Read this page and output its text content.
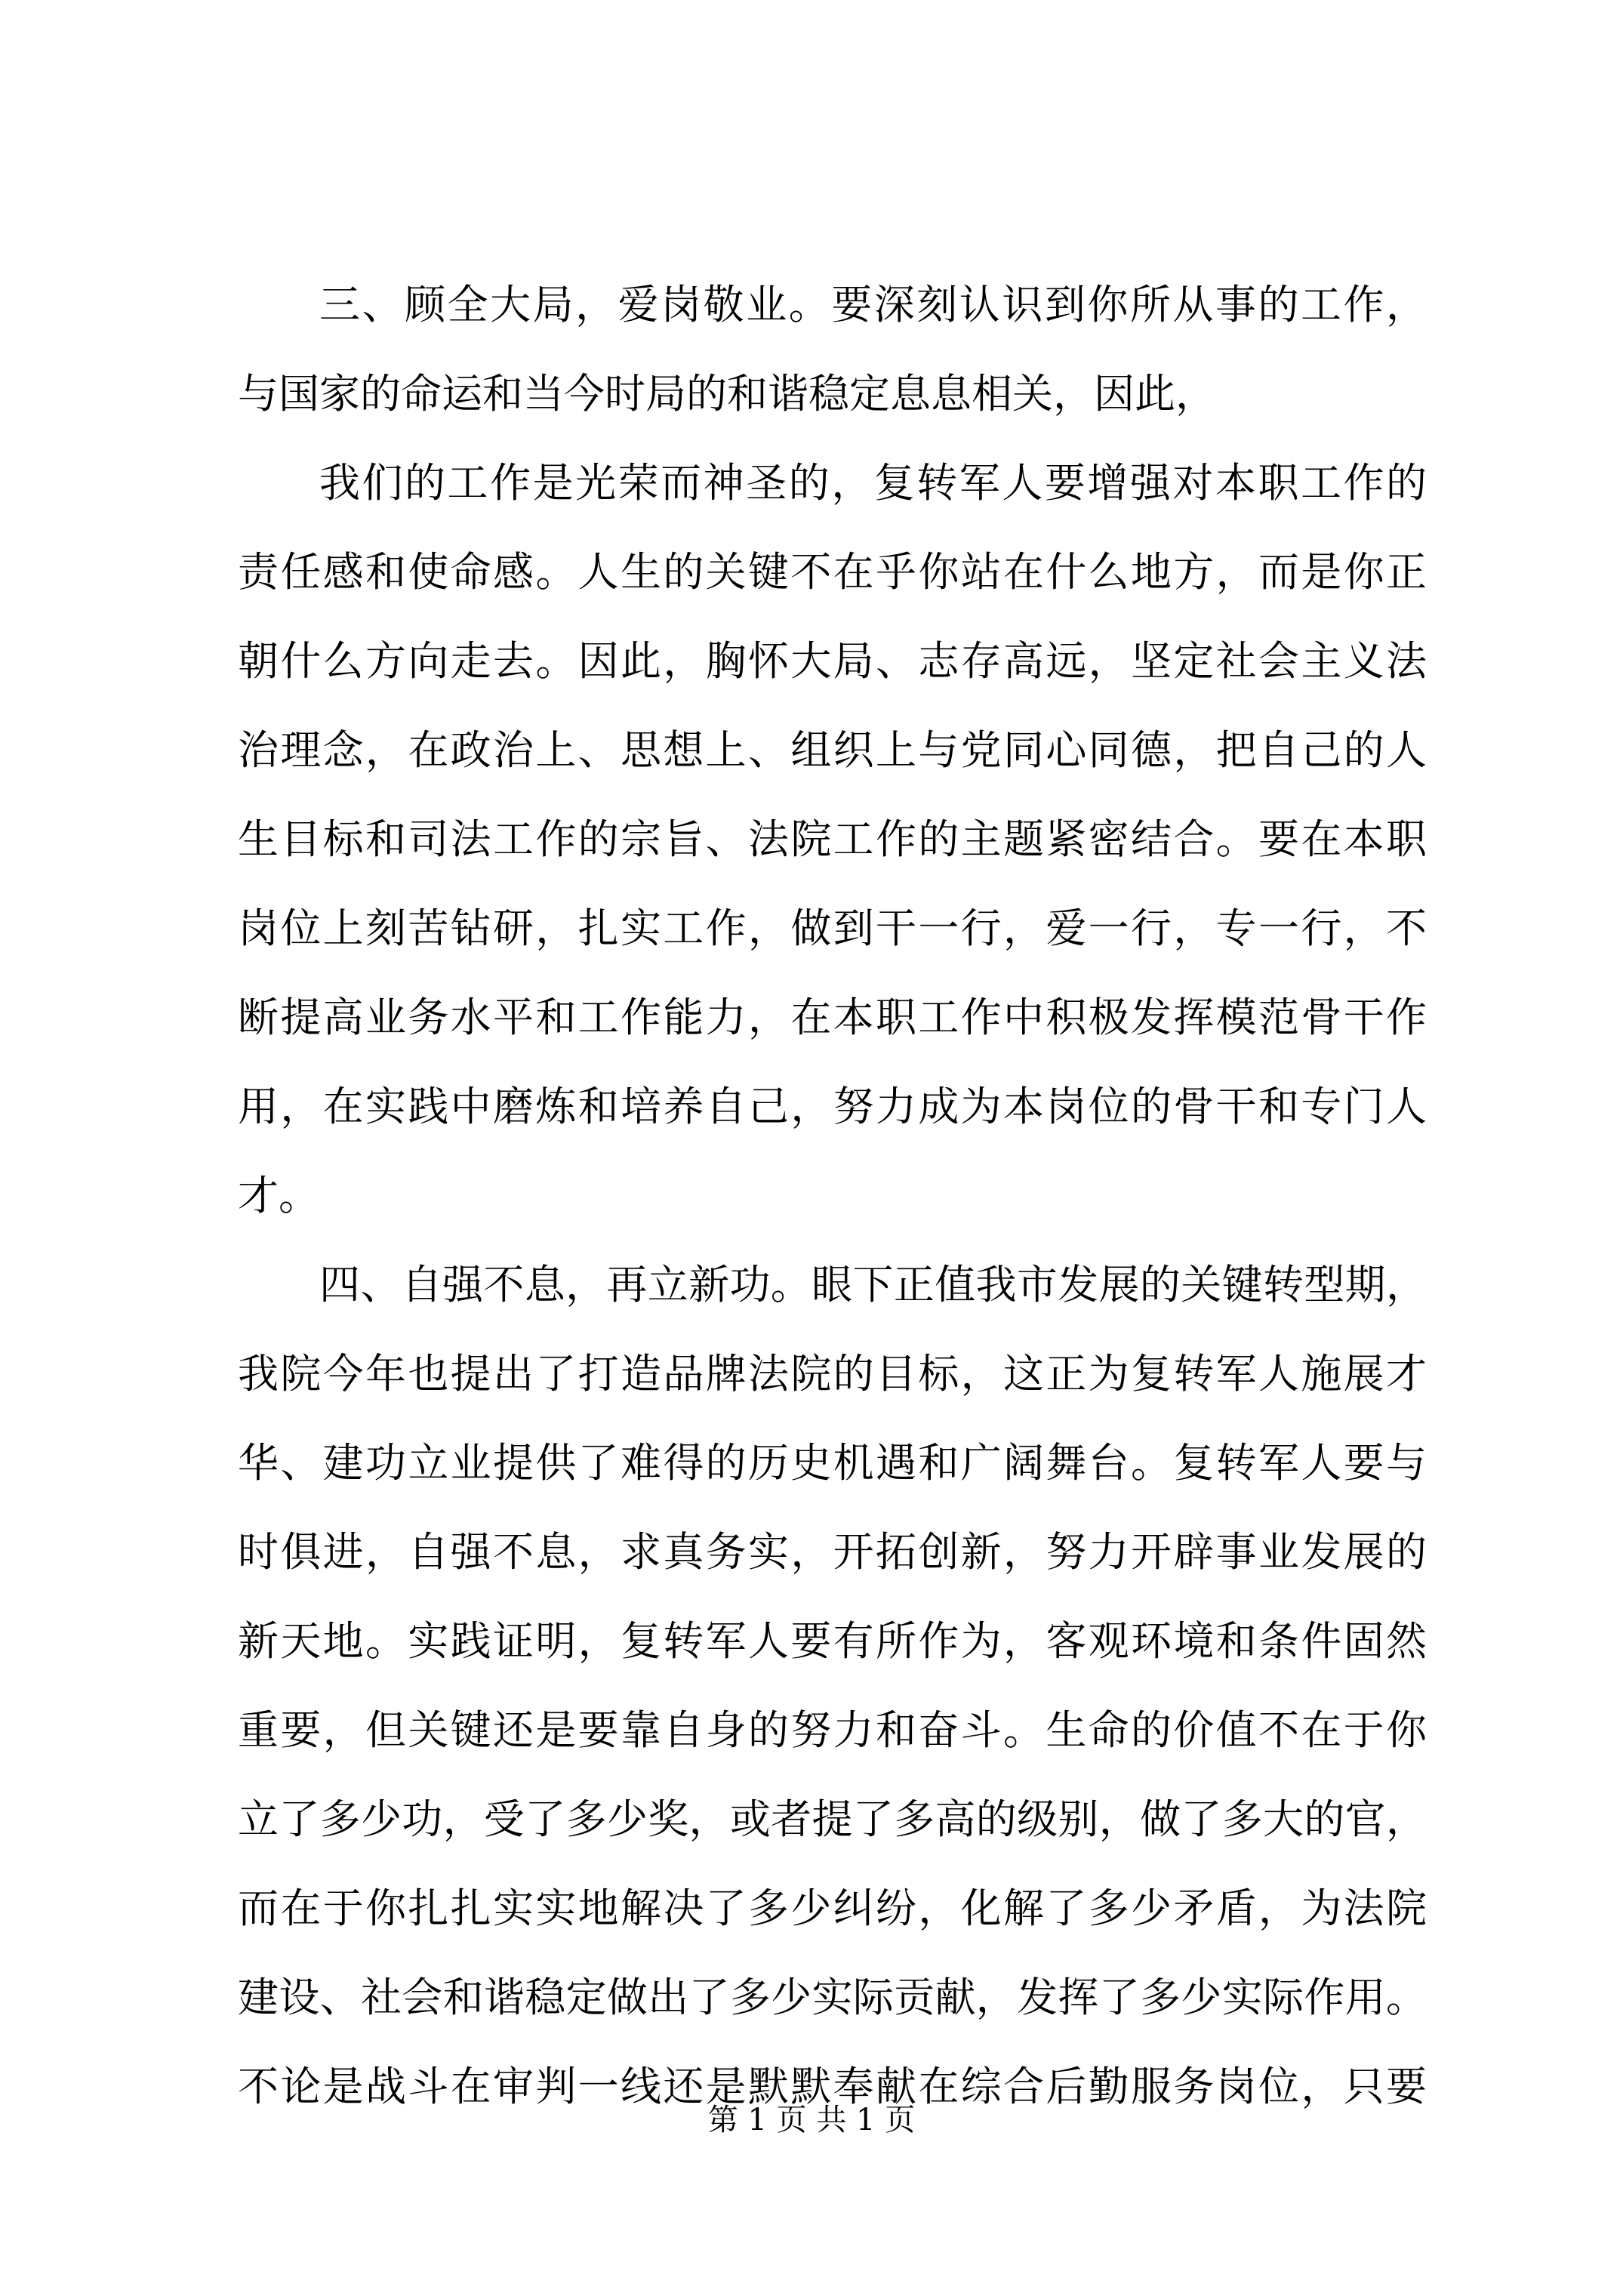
三、顾全大局，爱岗敬业。要深刻认识到你所从事的工作，
与国家的命运和当今时局的和谐稳定息息相关，因此，
我们的工作是光荣而神圣的，复转军人要增强对本职工作的
责任感和使命感。人生的关键不在乎你站在什么地方，而是你正
朝什么方向走去。因此，胸怀大局、志存高远，坚定社会主义法
治理念，在政治上、思想上、组织上与党同心同德，把自己的人
生目标和司法工作的宗旨、法院工作的主题紧密结合。要在本职
岗位上刻苦钻研，扎实工作，做到干一行，爱一行，专一行，不
断提高业务水平和工作能力，在本职工作中积极发挥模范骨干作
用，在实践中磨炼和培养自己，努力成为本岗位的骨干和专门人
才。
四、自强不息，再立新功。眼下正值我市发展的关键转型期，
我院今年也提出了打造品牌法院的目标，这正为复转军人施展才
华、建功立业提供了难得的历史机遇和广阔舞台。复转军人要与
时俱进，自强不息，求真务实，开拓创新，努力开辟事业发展的
新天地。实践证明，复转军人要有所作为，客观环境和条件固然
重要，但关键还是要靠自身的努力和奋斗。生命的价值不在于你
立了多少功，受了多少奖，或者提了多高的级别，做了多大的官，
而在于你扎扎实实地解决了多少纠纷，化解了多少矛盾，为法院
建设、社会和谐稳定做出了多少实际贡献，发挥了多少实际作用。
不论是战斗在审判一线还是默默奉献在综合后勤服务岗位，只要
第 1 页 共 1 页
